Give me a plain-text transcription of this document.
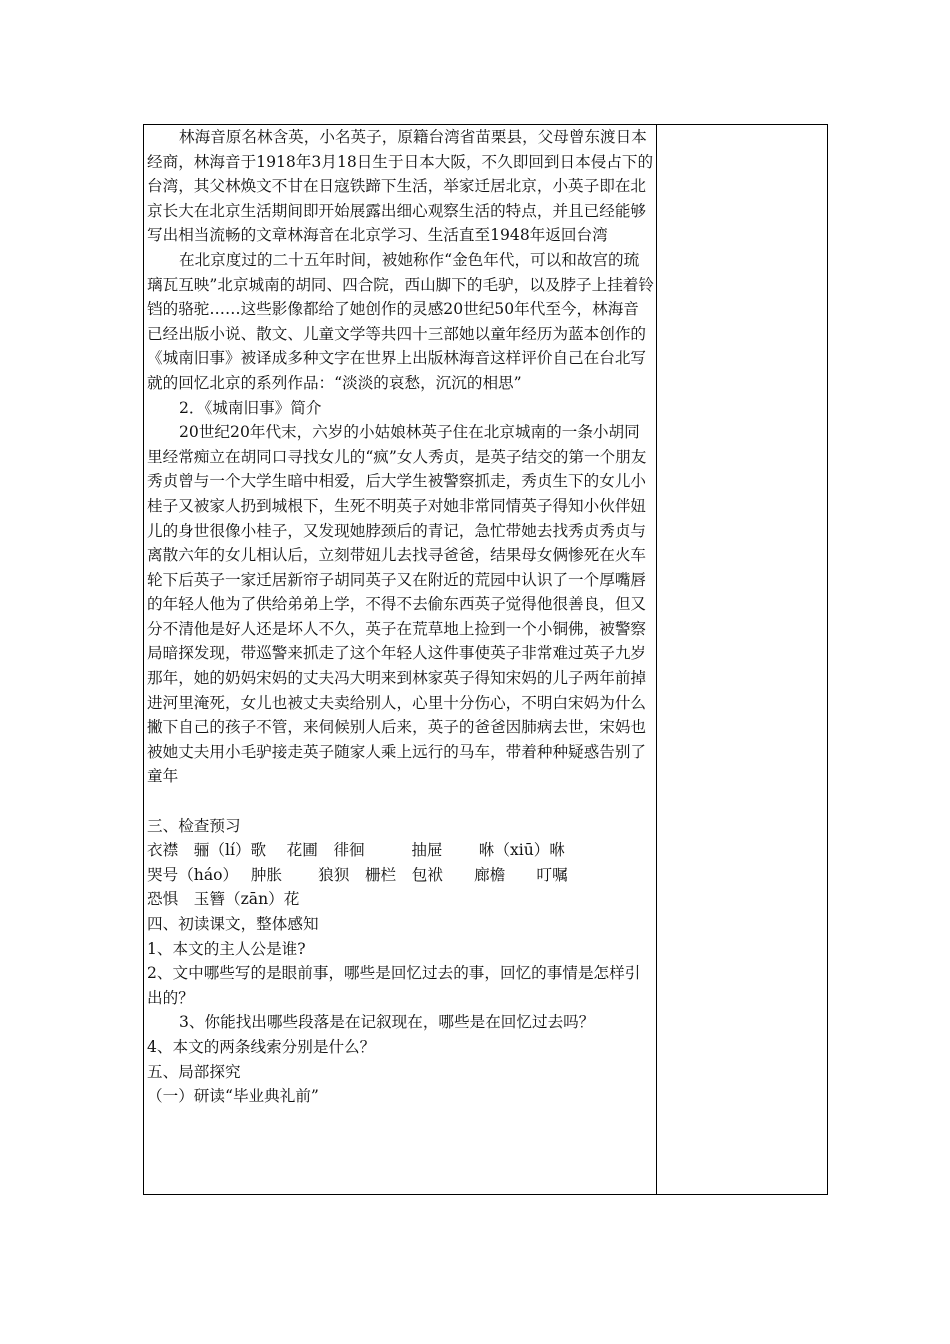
林海音原名林含英，小名英子，原籍台湾省苗栗县，父母曾东渡日本经商，林海音于1918年3月18日生于日本大阪，不久即回到日本侵占下的台湾，其父林焕文不甘在日寇铁蹄下生活，举家迁居北京，小英子即在北京长大在北京生活期间即开始展露出细心观察生活的特点，并且已经能够写出相当流畅的文章林海音在北京学习、生活直至1948年返回台湾

在北京度过的二十五年时间，被她称作“金色年代，可以和故宫的琉璃瓦互映”北京城南的胡同、四合院，西山脚下的毛驴，以及脖子上挂着铃铛的骆驼……这些影像都给了她创作的灵感20世纪50年代至今，林海音已经出版小说、散文、儿童文学等共四十三部她以童年经历为蓝本创作的《城南旧事》被译成多种文字在世界上出版林海音这样评价自己在台北写就的回忆北京的系列作品：“淡淡的哀愁，沉沉的相思”

2．《城南旧事》简介

20世纪20年代末，六岁的小姑娘林英子住在北京城南的一条小胡同里经常痴立在胡同口寻找女儿的“疯”女人秀贞，是英子结交的第一个朋友秀贞曾与一个大学生暗中相爱，后大学生被警察抓走，秀贞生下的女儿小桂子又被家人扔到城根下，生死不明英子对她非常同情英子得知小伙伴妞儿的身世很像小桂子，又发现她脖颈后的青记，急忙带她去找秀贞秀贞与离散六年的女儿相认后，立刻带妞儿去找寻爸爸，结果母女俩惨死在火车轮下后英子一家迁居新帘子胡同英子又在附近的荒园中认识了一个厚嘴唇的年轻人他为了供给弟弟上学，不得不去偷东西英子觉得他很善良，但又分不清他是好人还是坏人不久，英子在荒草地上捡到一个小铜佛，被警察局暗探发现，带巡警来抓走了这个年轻人这件事使英子非常难过英子九岁那年，她的奶妈宋妈的丈夫冯大明来到林家英子得知宋妈的儿子两年前掉进河里淹死，女儿也被丈夫卖给别人，心里十分伤心，不明白宋妈为什么撇下自己的孩子不管，来伺候别人后来，英子的爸爸因肺病去世，宋妈也被她丈夫用小毛驴接走英子随家人乘上远行的马车，带着种种疑惑告别了童年

三、检查预习

衣襟　骊（lí）歌　 花圃　徘徊　　　抽屉　　 咻（xiū）咻

哭号（háo）　 肿胀　　 狼狈　栅栏　包袱　　廊檐　　叮嘱

恐惧　玉簪（zān）花

四、初读课文，整体感知

1、本文的主人公是谁?

2、文中哪些写的是眼前事，哪些是回忆过去的事，回忆的事情是怎样引出的？

3、你能找出哪些段落是在记叙现在，哪些是在回忆过去吗？

4、本文的两条线索分别是什么？

五、局部探究

（一）研读“毕业典礼前”
